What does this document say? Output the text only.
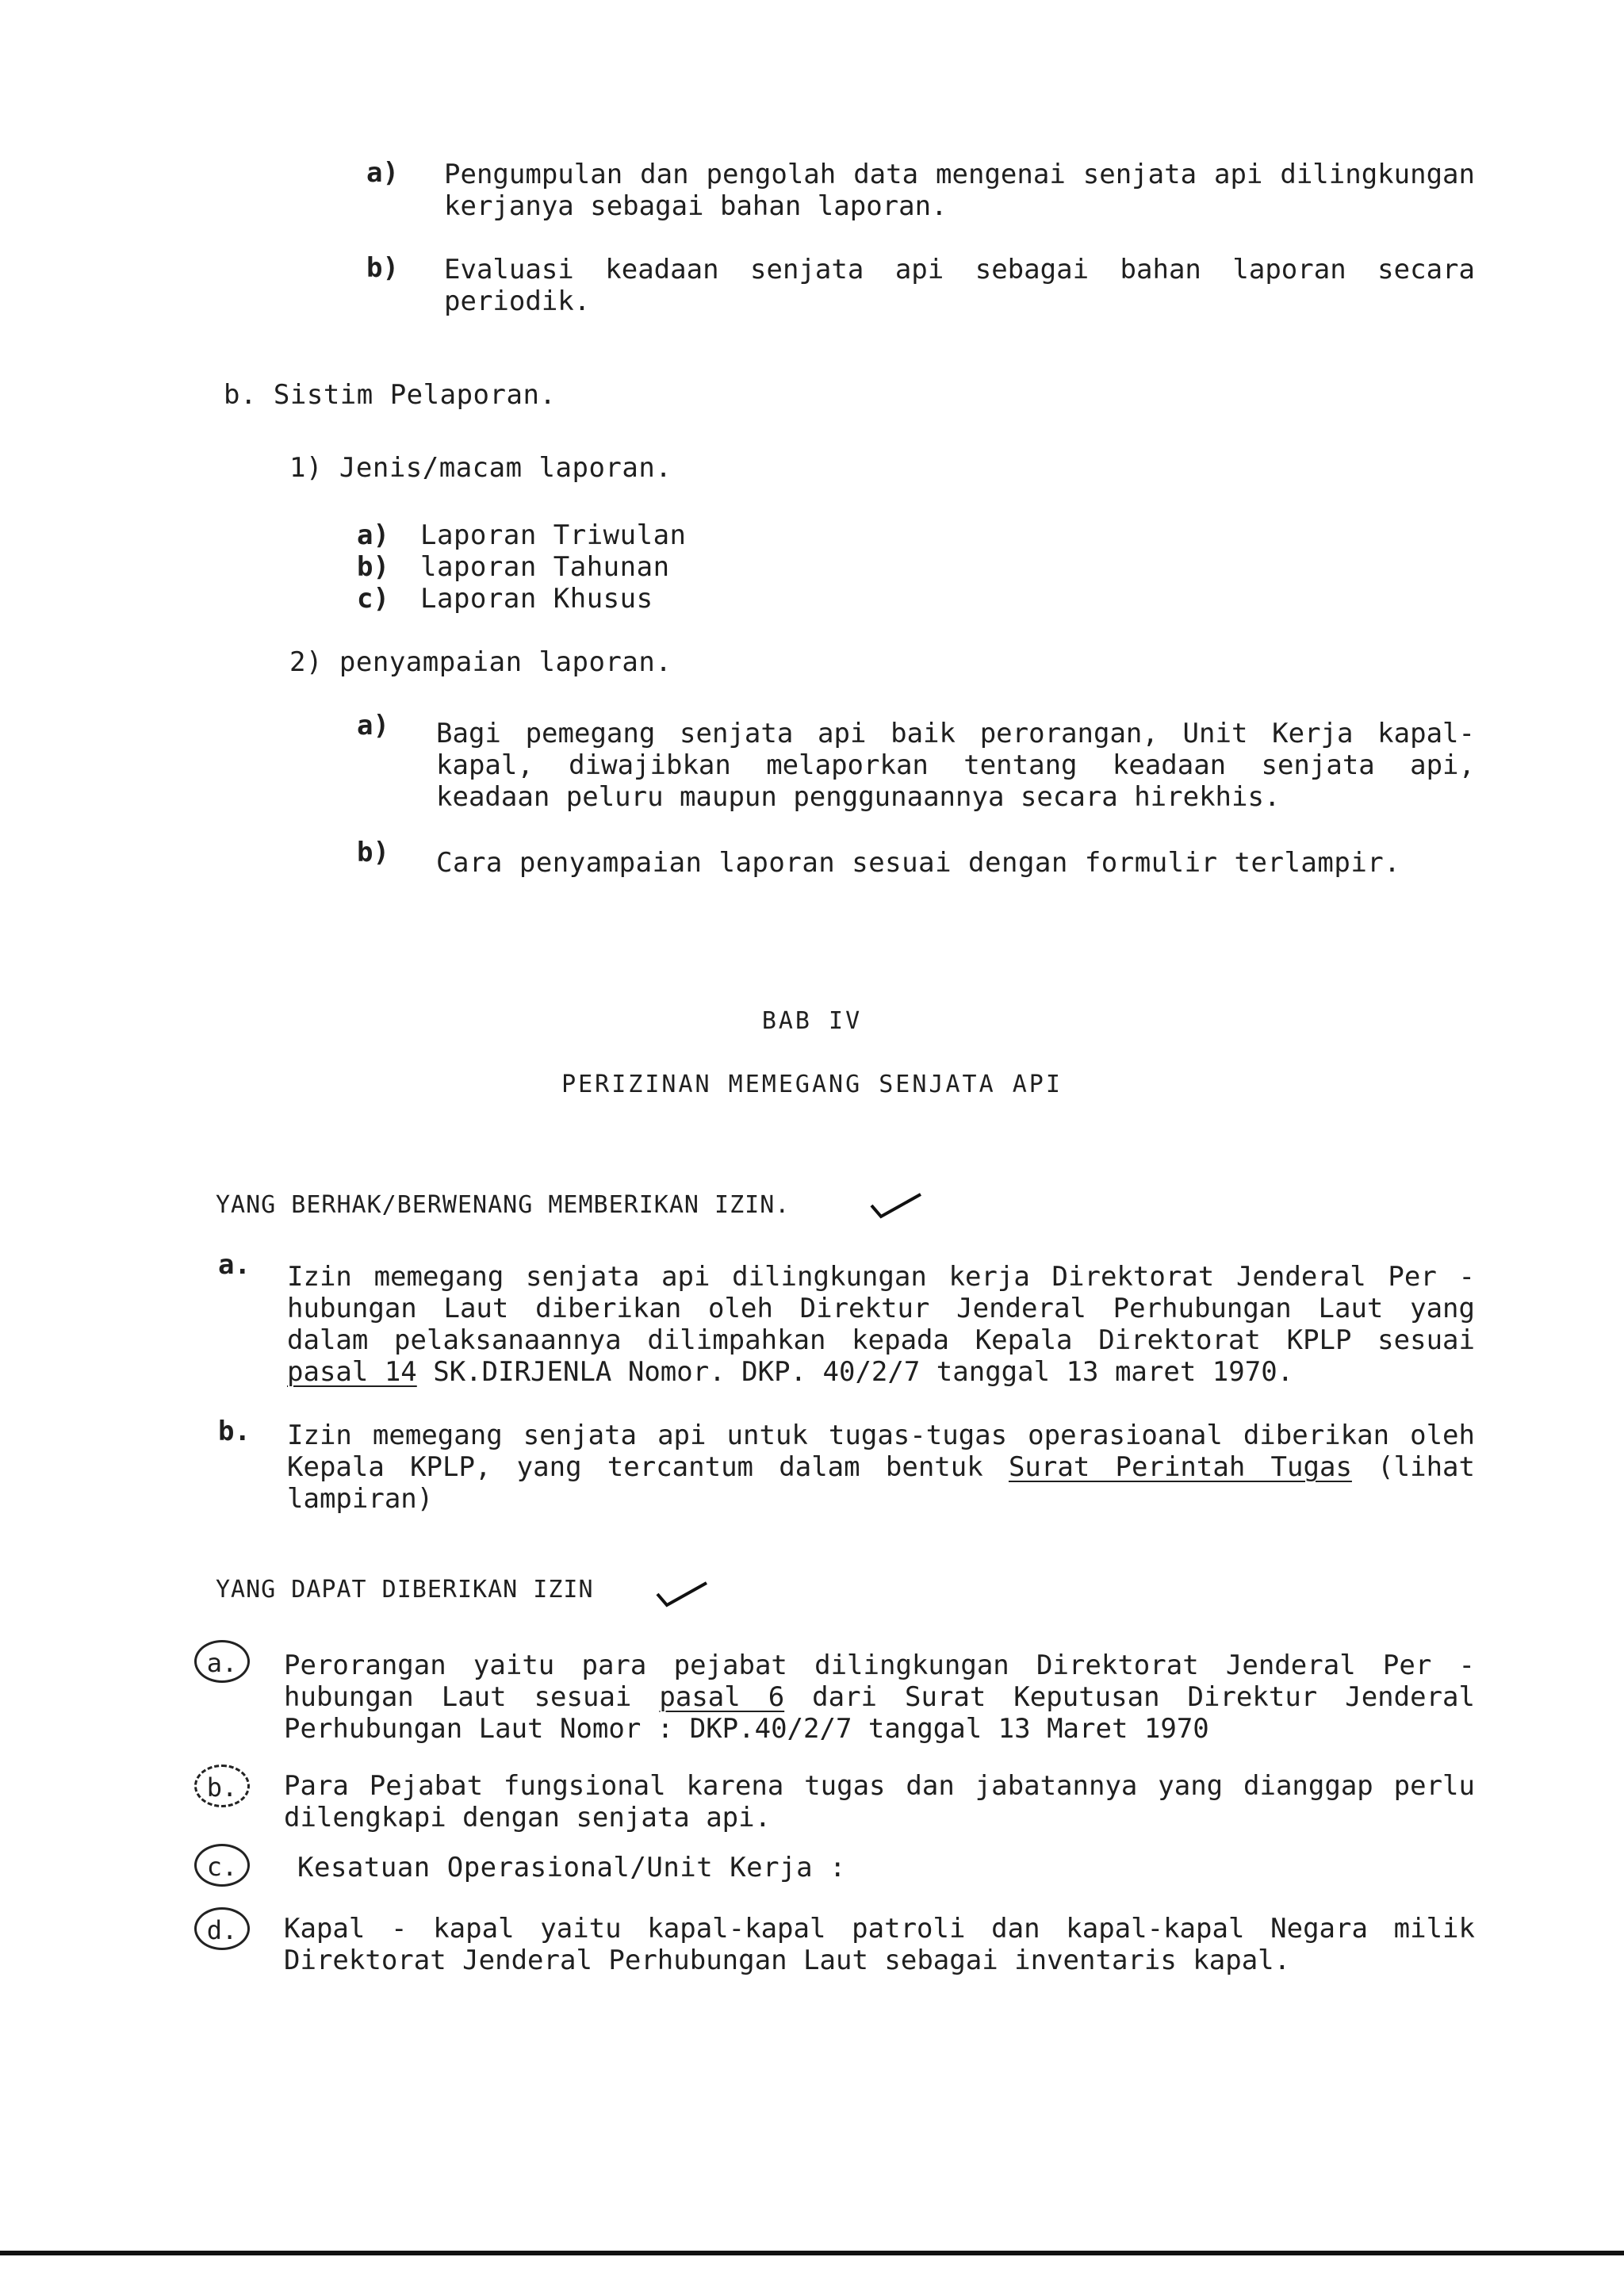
a) Pengumpulan dan pengolah data mengenai senjata api dilingkungan
kerjanya sebagai bahan laporan.
b) Evaluasi keadaan senjata api sebagai bahan laporan secara
periodik.
b. Sistim Pelaporan.
1) Jenis/macam laporan.
a) Laporan Triwulan
b) laporan Tahunan
c) Laporan Khusus
2) penyampaian laporan.
a) Bagi pemegang senjata api baik perorangan, Unit Kerja kapal-
kapal, diwajibkan melaporkan tentang keadaan senjata api,
keadaan peluru maupun penggunaannya secara hirekhis.
b) Cara penyampaian laporan sesuai dengan formulir terlampir.
BAB IV
PERIZINAN MEMEGANG SENJATA API
YANG BERHAK/BERWENANG MEMBERIKAN IZIN.
a. Izin memegang senjata api dilingkungan kerja Direktorat Jenderal Per -
hubungan Laut diberikan oleh Direktur Jenderal Perhubungan Laut yang
dalam pelaksanaannya dilimpahkan kepada Kepala Direktorat KPLP sesuai
pasal 14 SK.DIRJENLA Nomor. DKP. 40/2/7 tanggal 13 maret 1970.
b. Izin memegang senjata api untuk tugas-tugas operasioanal diberikan oleh
Kepala KPLP, yang tercantum dalam bentuk Surat Perintah Tugas (lihat
lampiran)
YANG DAPAT DIBERIKAN IZIN
a.	Perorangan yaitu para pejabat dilingkungan Direktorat Jenderal Per -
hubungan Laut sesuai pasal 6 dari Surat Keputusan Direktur Jenderal
Perhubungan Laut Nomor : DKP.40/2/7 tanggal 13 Maret 1970
b.	Para Pejabat fungsional karena tugas dan jabatannya yang dianggap perlu
dilengkapi dengan senjata api.
c.	Kesatuan Operasional/Unit Kerja :
d.	Kapal - kapal yaitu kapal-kapal patroli dan kapal-kapal Negara milik
Direktorat Jenderal Perhubungan Laut sebagai inventaris kapal.
